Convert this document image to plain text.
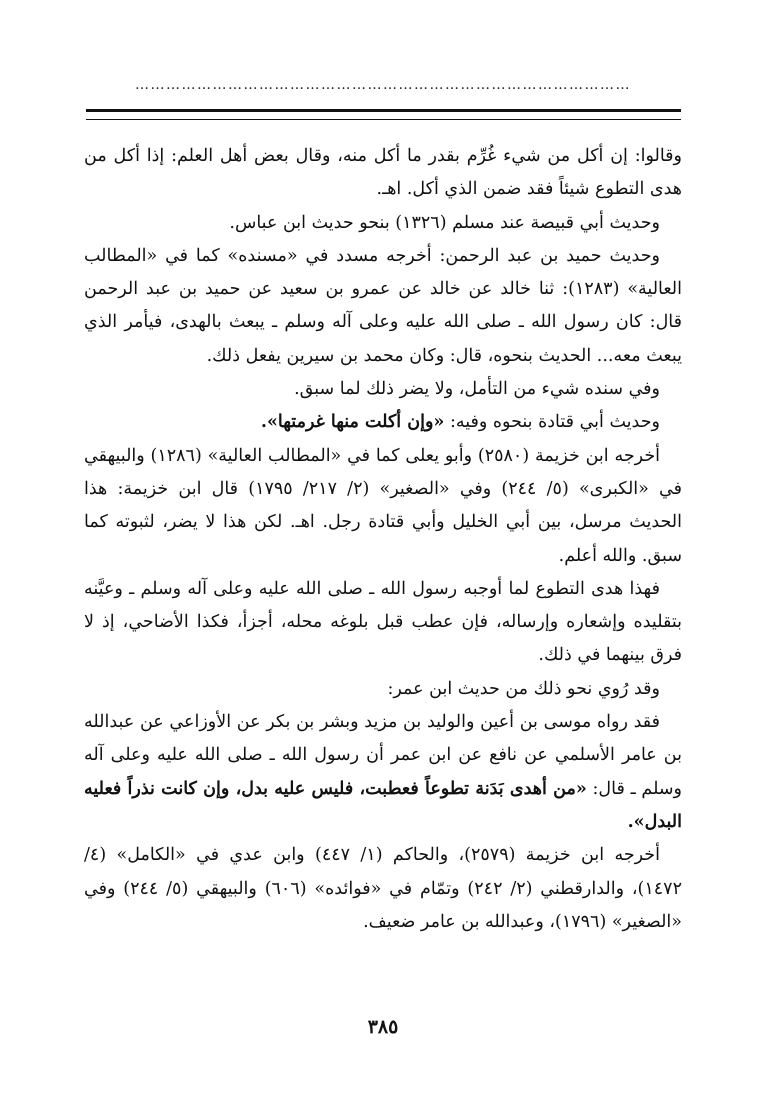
……………………………………………………………………………………

وقالوا: إن أكل من شيء غُرِّم بقدر ما أكل منه، وقال بعض أهل العلم: إذا أكل من هدى التطوع شيئاً فقد ضمن الذي أكل. اهـ.

وحديث أبي قبيصة عند مسلم (١٣٢٦) بنحو حديث ابن عباس.

وحديث حميد بن عبد الرحمن: أخرجه مسدد في «مسنده» كما في «المطالب العالية» (١٢٨٣): ثنا خالد عن خالد عن عمرو بن سعيد عن حميد بن عبد الرحمن قال: كان رسول الله ـ صلى الله عليه وعلى آله وسلم ـ يبعث بالهدى، فيأمر الذي يبعث معه... الحديث بنحوه، قال: وكان محمد بن سيرين يفعل ذلك.

وفي سنده شيء من التأمل، ولا يضر ذلك لما سبق.

وحديث أبي قتادة بنحوه وفيه: «وإن أكلت منها غرمتها».

أخرجه ابن خزيمة (٢٥٨٠) وأبو يعلى كما في «المطالب العالية» (١٢٨٦) والبيهقي في «الكبرى» (٥/ ٢٤٤) وفي «الصغير» (٢/ ٢١٧/ ١٧٩٥) قال ابن خزيمة: هذا الحديث مرسل، بين أبي الخليل وأبي قتادة رجل. اهـ. لكن هذا لا يضر، لثبوته كما سبق. والله أعلم.

فهذا هدى التطوع لما أوجبه رسول الله ـ صلى الله عليه وعلى آله وسلم ـ وعيَّنه بتقليده وإشعاره وإرساله، فإن عطب قبل بلوغه محله، أجزأ، فكذا الأضاحي، إذ لا فرق بينهما في ذلك.

وقد رُوي نحو ذلك من حديث ابن عمر:

فقد رواه موسى بن أعين والوليد بن مزيد وبشر بن بكر عن الأوزاعي عن عبدالله بن عامر الأسلمي عن نافع عن ابن عمر أن رسول الله ـ صلى الله عليه وعلى آله وسلم ـ قال: «من أهدى بَدَنة تطوعاً فعطبت، فليس عليه بدل، وإن كانت نذراً فعليه البدل».

أخرجه ابن خزيمة (٢٥٧٩)، والحاكم (١/ ٤٤٧) وابن عدي في «الكامل» (٤/ ١٤٧٢)، والدارقطني (٢/ ٢٤٢) وتمّام في «فوائده» (٦٠٦) والبيهقي (٥/ ٢٤٤) وفي «الصغير» (١٧٩٦)، وعبدالله بن عامر ضعيف.

٣٨٥
